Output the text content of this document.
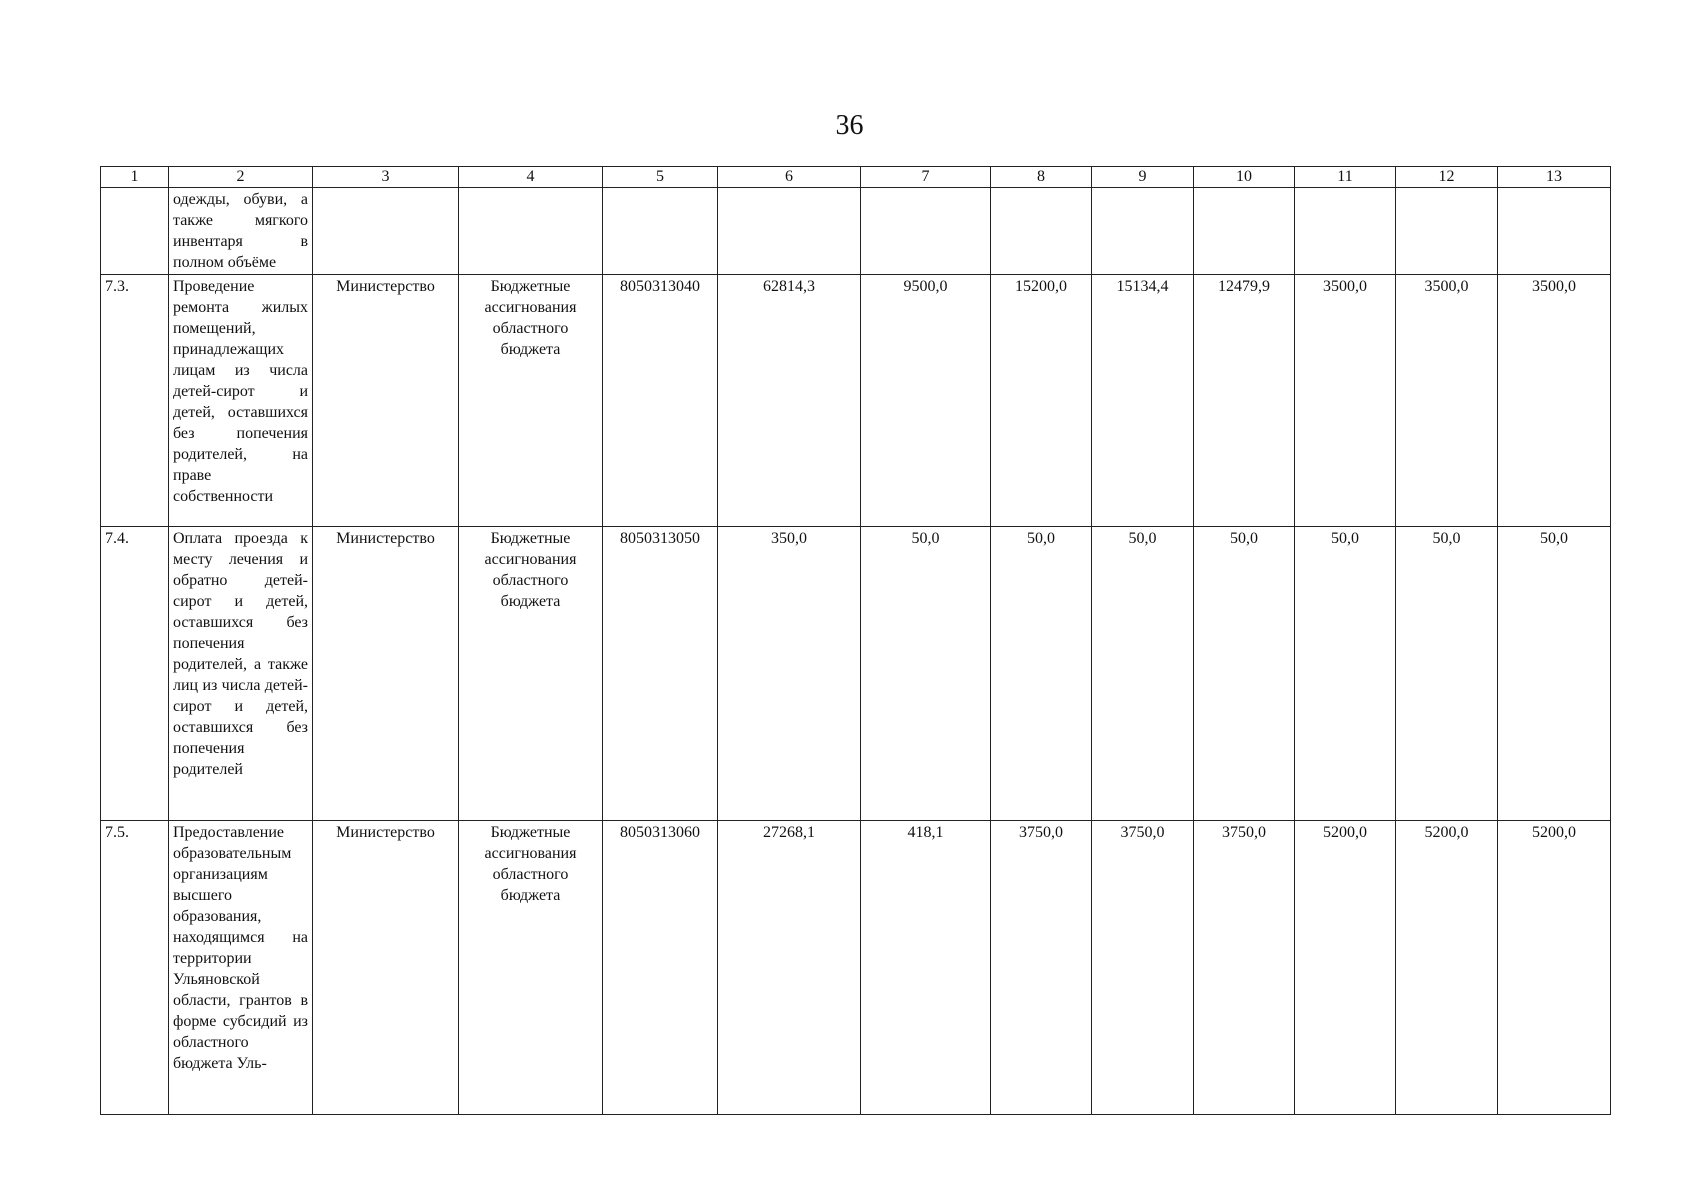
36
1	2	3	4	5	6	7	8	9	10	11	12	13
	одежды, обуви, а также мягкого инвентаря в полном объёме											
7.3.	Проведение ремонта жилых помещений, принадлежащих лицам из числа детей-сирот и детей, оставшихся без попечения родителей, на праве собственности	Министерство	Бюджетные ассигнования областного бюджета	8050313040	62814,3	9500,0	15200,0	15134,4	12479,9	3500,0	3500,0	3500,0
7.4.	Оплата проезда к месту лечения и обратно детей-сирот и детей, оставшихся без попечения родителей, а также лиц из числа детей-сирот и детей, оставшихся без попечения родителей	Министерство	Бюджетные ассигнования областного бюджета	8050313050	350,0	50,0	50,0	50,0	50,0	50,0	50,0	50,0
7.5.	Предоставление образовательным организациям высшего образования, находящимся на территории Ульяновской области, грантов в форме субсидий из областного бюджета Уль-	Министерство	Бюджетные ассигнования областного бюджета	8050313060	27268,1	418,1	3750,0	3750,0	3750,0	5200,0	5200,0	5200,0
